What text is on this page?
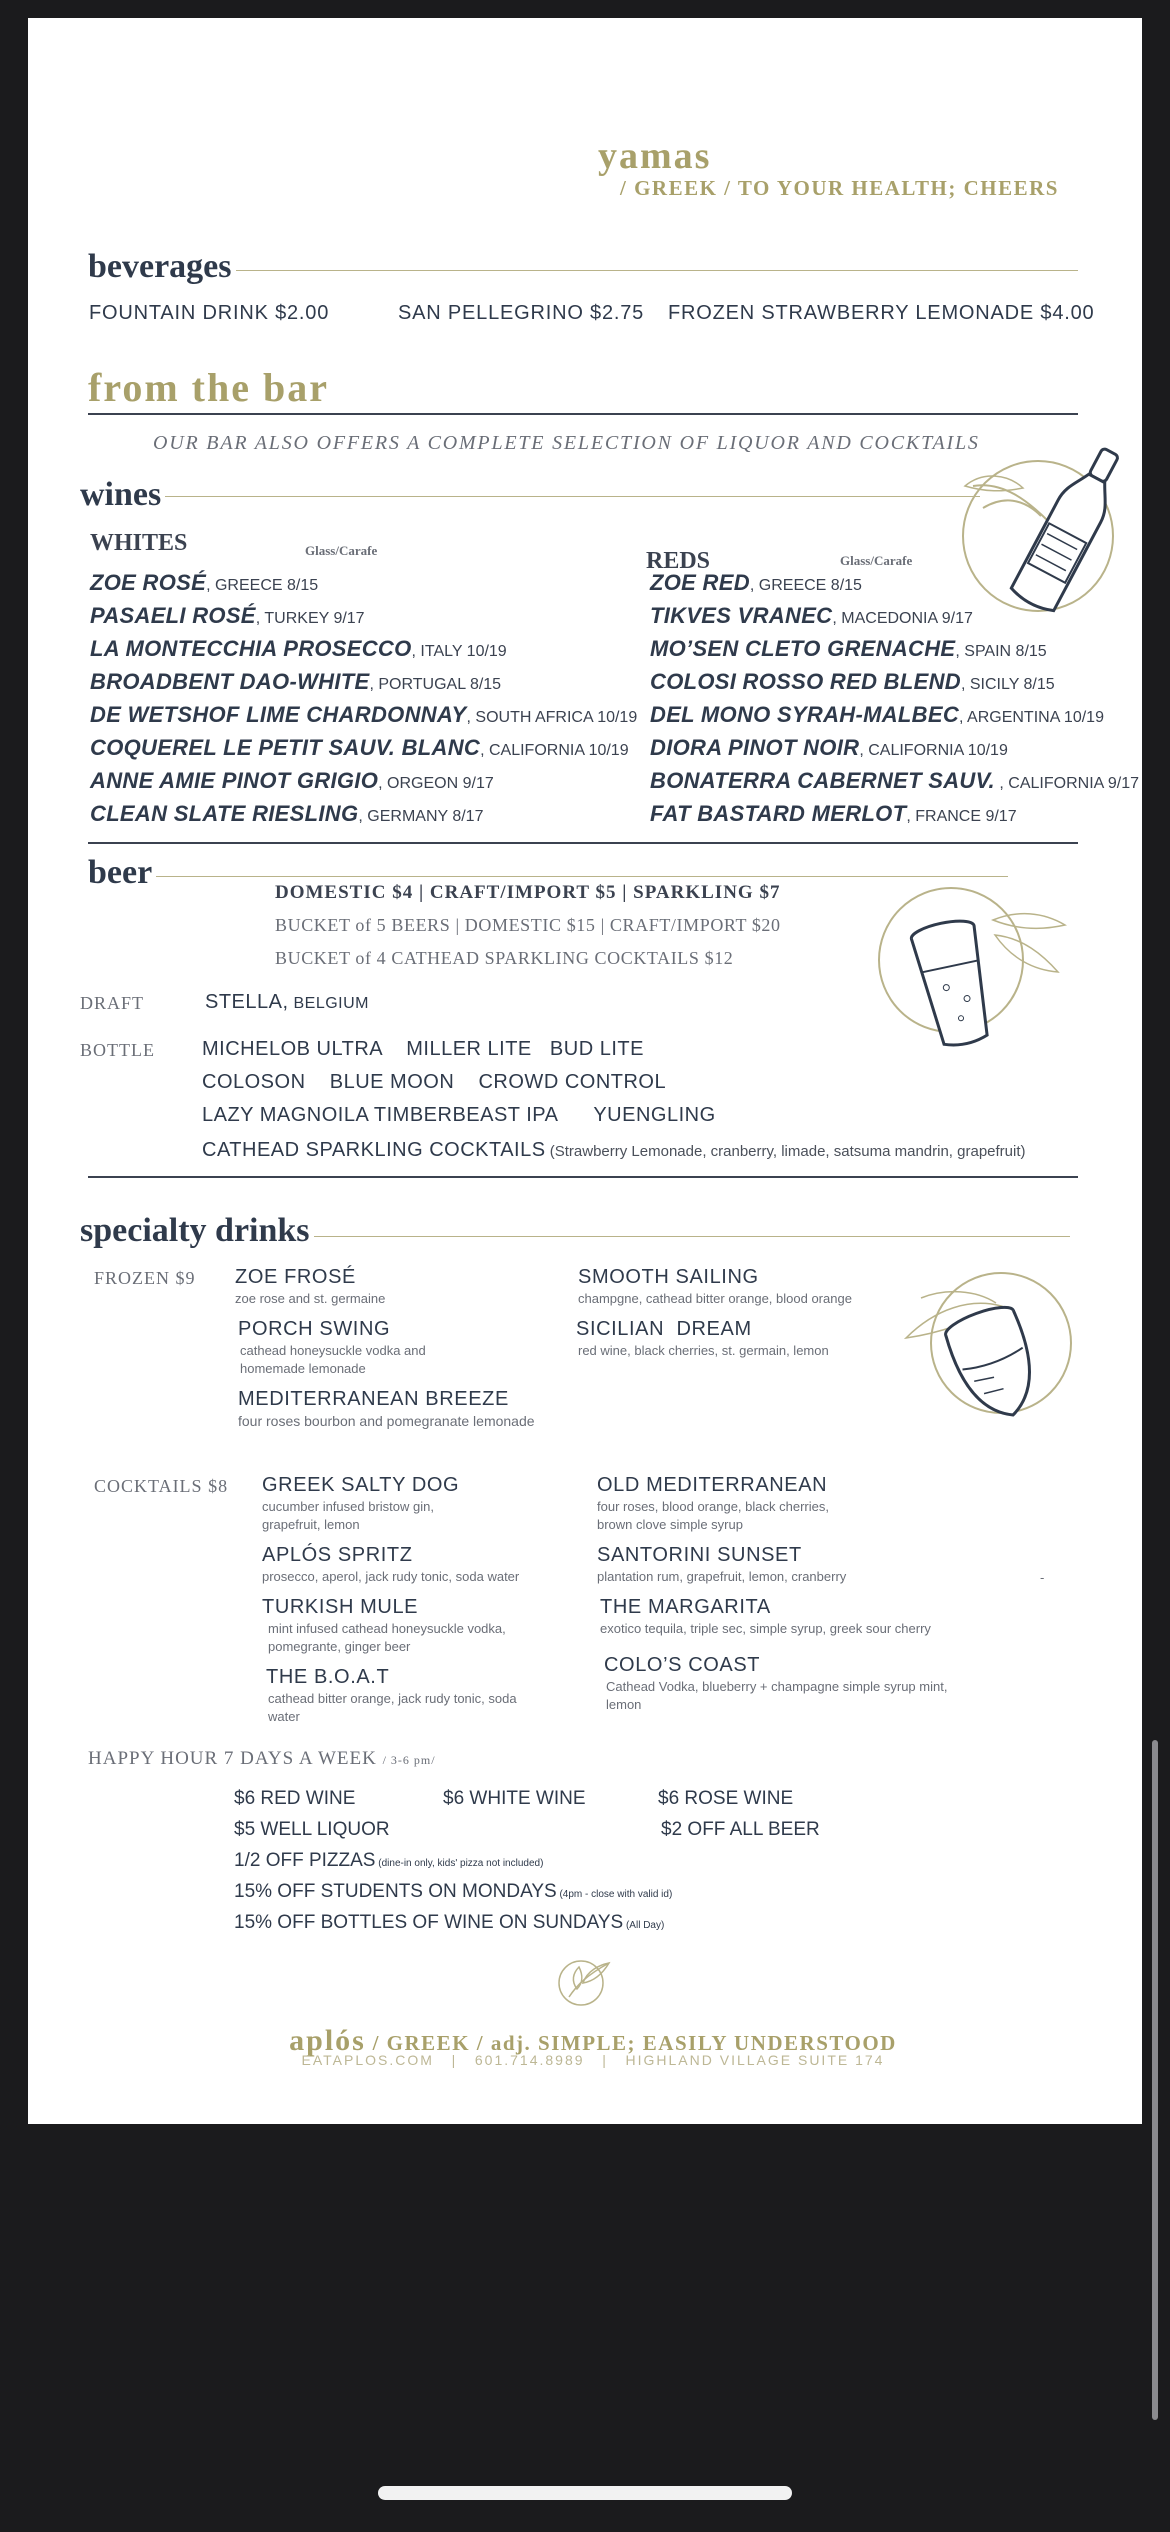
yamas
/ GREEK / TO YOUR HEALTH; CHEERS
beverages
FOUNTAIN DRINK $2.00	SAN PELLEGRINO $2.75 FROZEN STRAWBERRY LEMONADE $4.00
from the bar
OUR BAR ALSO OFFERS A COMPLETE SELECTION OF LIQUOR AND COCKTAILS
wines
WHITES	Glass/Carafe	REDS	Glass/Carafe
ZOE ROSÉ, GREECE 8/15
PASAELI ROSÉ, TURKEY 9/17
LA MONTECCHIA PROSECCO, ITALY 10/19
BROADBENT DAO-WHITE, PORTUGAL 8/15
DE WETSHOF LIME CHARDONNAY, SOUTH AFRICA 10/19
COQUEREL LE PETIT SAUV. BLANC, CALIFORNIA 10/19
ANNE AMIE PINOT GRIGIO, ORGEON 9/17
CLEAN SLATE RIESLING, GERMANY 8/17
ZOE RED, GREECE 8/15
TIKVES VRANEC, MACEDONIA 9/17
MO’SEN CLETO GRENACHE, SPAIN 8/15
COLOSI ROSSO RED BLEND, SICILY 8/15
DEL MONO SYRAH-MALBEC, ARGENTINA 10/19
DIORA PINOT NOIR, CALIFORNIA 10/19
BONATERRA CABERNET SAUV. , CALIFORNIA 9/17
FAT BASTARD MERLOT, FRANCE 9/17
beer
DOMESTIC $4 | CRAFT/IMPORT $5 | SPARKLING $7
BUCKET of 5 BEERS | DOMESTIC $15 | CRAFT/IMPORT $20
BUCKET of 4 CATHEAD SPARKLING COCKTAILS $12
DRAFT	STELLA, BELGIUM
BOTTLE MICHELOB ULTRA    MILLER LITE   BUD LITE
COLOSON    BLUE MOON    CROWD CONTROL
LAZY MAGNOILA TIMBERBEAST IPA      YUENGLING
CATHEAD SPARKLING COCKTAILS (Strawberry Lemonade, cranberry, limade, satsuma mandrin, grapefruit)
specialty drinks
FROZEN $9 ZOE FROSÉ
zoe rose and st. germaine
PORCH SWING
cathead honeysuckle vodka and homemade lemonade
MEDITERRANEAN BREEZE
four roses bourbon and pomegranate lemonade
SMOOTH SAILING
champgne, cathead bitter orange, blood orange
SICILIAN  DREAM
red wine, black cherries, st. germain, lemon
COCKTAILS $8 GREEK SALTY DOG
cucumber infused bristow gin, grapefruit, lemon
APLÓS SPRITZ
prosecco, aperol, jack rudy tonic, soda water
TURKISH MULE
mint infused cathead honeysuckle vodka, pomegrante, ginger beer
THE B.O.A.T
cathead bitter orange, jack rudy tonic, soda water
OLD MEDITERRANEAN
four roses, blood orange, black cherries, brown clove simple syrup
SANTORINI SUNSET
plantation rum, grapefruit, lemon, cranberry	-
THE MARGARITA
exotico tequila, triple sec, simple syrup, greek sour cherry
COLO’S COAST
Cathead Vodka, blueberry + champagne simple syrup mint, lemon
HAPPY HOUR 7 DAYS A WEEK / 3-6 pm/
$6 RED WINE	$6 WHITE WINE	$6 ROSE WINE
$5 WELL LIQUOR	$2 OFF ALL BEER
1/2 OFF PIZZAS (dine-in only, kids' pizza not included)
15% OFF STUDENTS ON MONDAYS (4pm - close with valid id)
15% OFF BOTTLES OF WINE ON SUNDAYS (All Day)
aplós / GREEK / adj. SIMPLE; EASILY UNDERSTOOD
EATAPLOS.COM   |   601.714.8989   |   HIGHLAND VILLAGE SUITE 174
